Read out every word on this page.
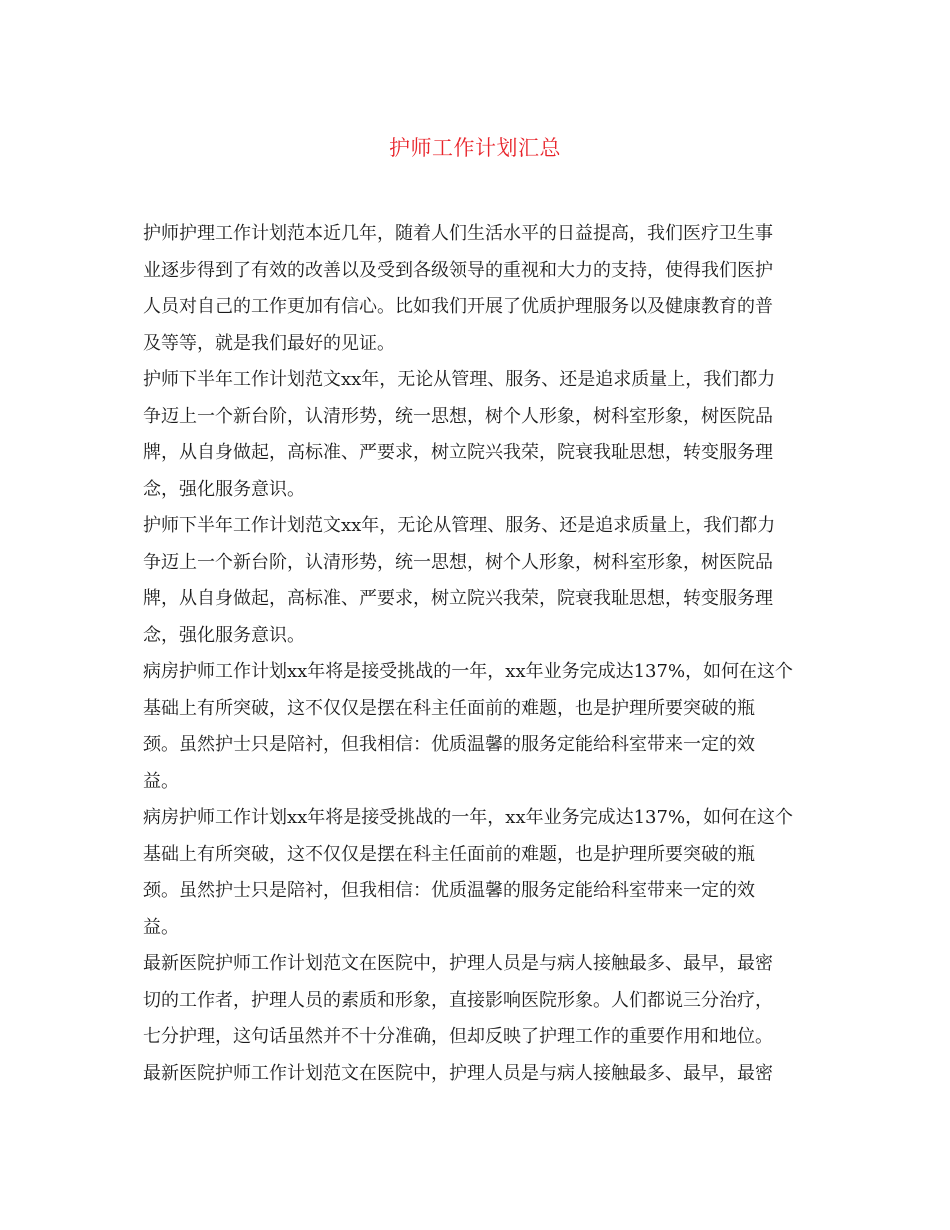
护师工作计划汇总
护师护理工作计划范本近几年，随着人们生活水平的日益提高，我们医疗卫生事
业逐步得到了有效的改善以及受到各级领导的重视和大力的支持，使得我们医护
人员对自己的工作更加有信心。比如我们开展了优质护理服务以及健康教育的普
及等等，就是我们最好的见证。
护师下半年工作计划范文xx年，无论从管理、服务、还是追求质量上，我们都力
争迈上一个新台阶，认清形势，统一思想，树个人形象，树科室形象，树医院品
牌，从自身做起，高标准、严要求，树立院兴我荣，院衰我耻思想，转变服务理
念，强化服务意识。
护师下半年工作计划范文xx年，无论从管理、服务、还是追求质量上，我们都力
争迈上一个新台阶，认清形势，统一思想，树个人形象，树科室形象，树医院品
牌，从自身做起，高标准、严要求，树立院兴我荣，院衰我耻思想，转变服务理
念，强化服务意识。
病房护师工作计划xx年将是接受挑战的一年，xx年业务完成达137%，如何在这个
基础上有所突破，这不仅仅是摆在科主任面前的难题，也是护理所要突破的瓶
颈。虽然护士只是陪衬，但我相信：优质温馨的服务定能给科室带来一定的效
益。
病房护师工作计划xx年将是接受挑战的一年，xx年业务完成达137%，如何在这个
基础上有所突破，这不仅仅是摆在科主任面前的难题，也是护理所要突破的瓶
颈。虽然护士只是陪衬，但我相信：优质温馨的服务定能给科室带来一定的效
益。
最新医院护师工作计划范文在医院中，护理人员是与病人接触最多、最早，最密
切的工作者，护理人员的素质和形象，直接影响医院形象。人们都说三分治疗，
七分护理，这句话虽然并不十分准确，但却反映了护理工作的重要作用和地位。
最新医院护师工作计划范文在医院中，护理人员是与病人接触最多、最早，最密
